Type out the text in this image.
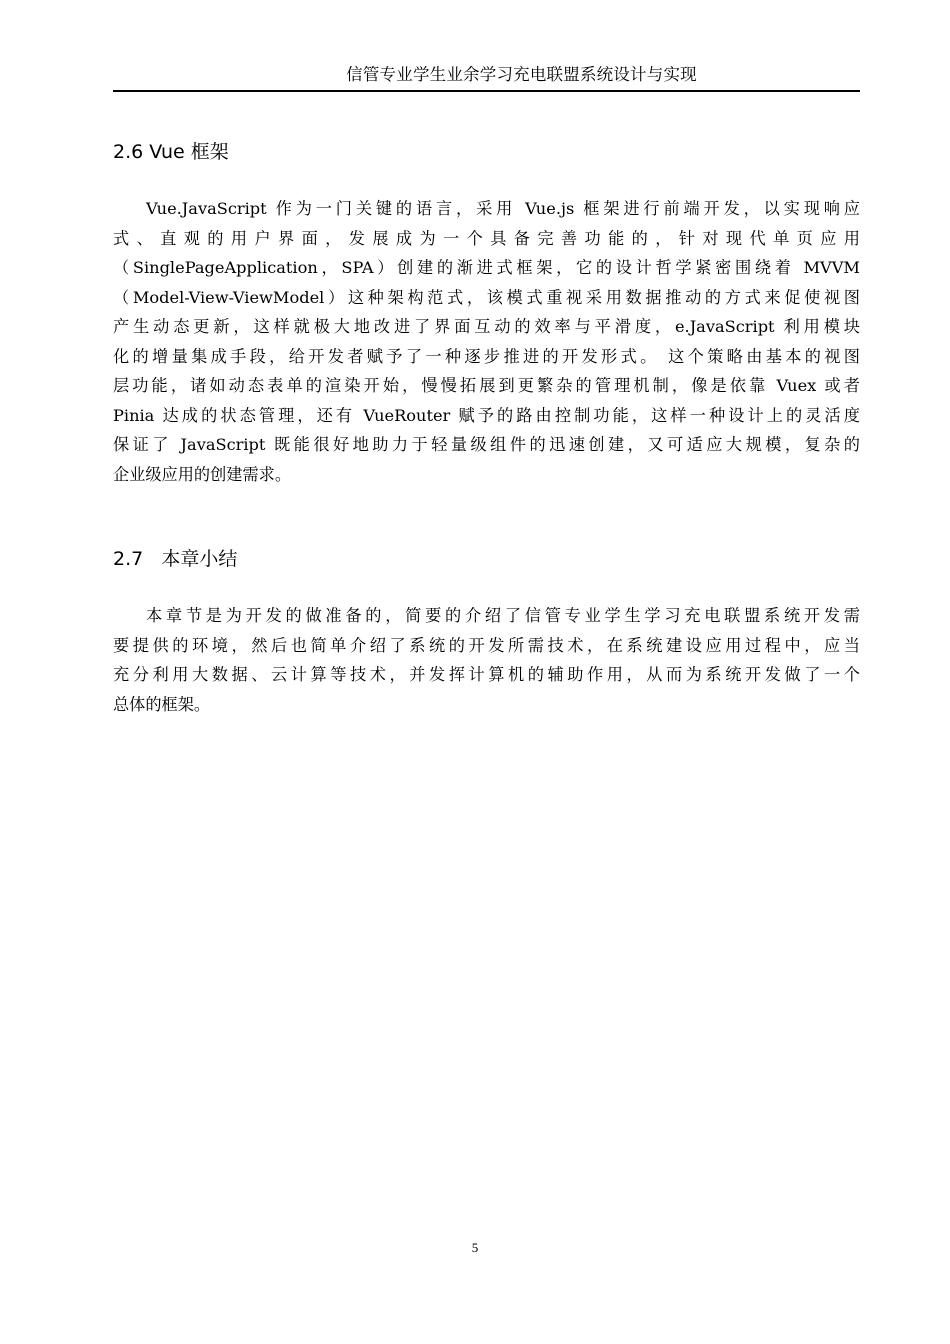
信管专业学生业余学习充电联盟系统设计与实现
2.6 Vue 框架
Vue.JavaScript 作为一门关键的语言，采用 Vue.js 框架进行前端开发，以实现响应
式、直观的用户界面，发展成为一个具备完善功能的，针对现代单页应用
（SinglePageApplication，SPA）创建的渐进式框架，它的设计哲学紧密围绕着 MVVM
（Model-View-ViewModel）这种架构范式，该模式重视采用数据推动的方式来促使视图
产生动态更新，这样就极大地改进了界面互动的效率与平滑度，e.JavaScript 利用模块
化的增量集成手段，给开发者赋予了一种逐步推进的开发形式。 这个策略由基本的视图
层功能，诸如动态表单的渲染开始，慢慢拓展到更繁杂的管理机制，像是依靠 Vuex 或者
Pinia 达成的状态管理，还有 VueRouter 赋予的路由控制功能，这样一种设计上的灵活度
保证了 JavaScript 既能很好地助力于轻量级组件的迅速创建，又可适应大规模，复杂的
企业级应用的创建需求。
2.7   本章小结
本章节是为开发的做准备的，简要的介绍了信管专业学生学习充电联盟系统开发需
要提供的环境，然后也简单介绍了系统的开发所需技术，在系统建设应用过程中，应当
充分利用大数据、云计算等技术，并发挥计算机的辅助作用，从而为系统开发做了一个
总体的框架。
5
